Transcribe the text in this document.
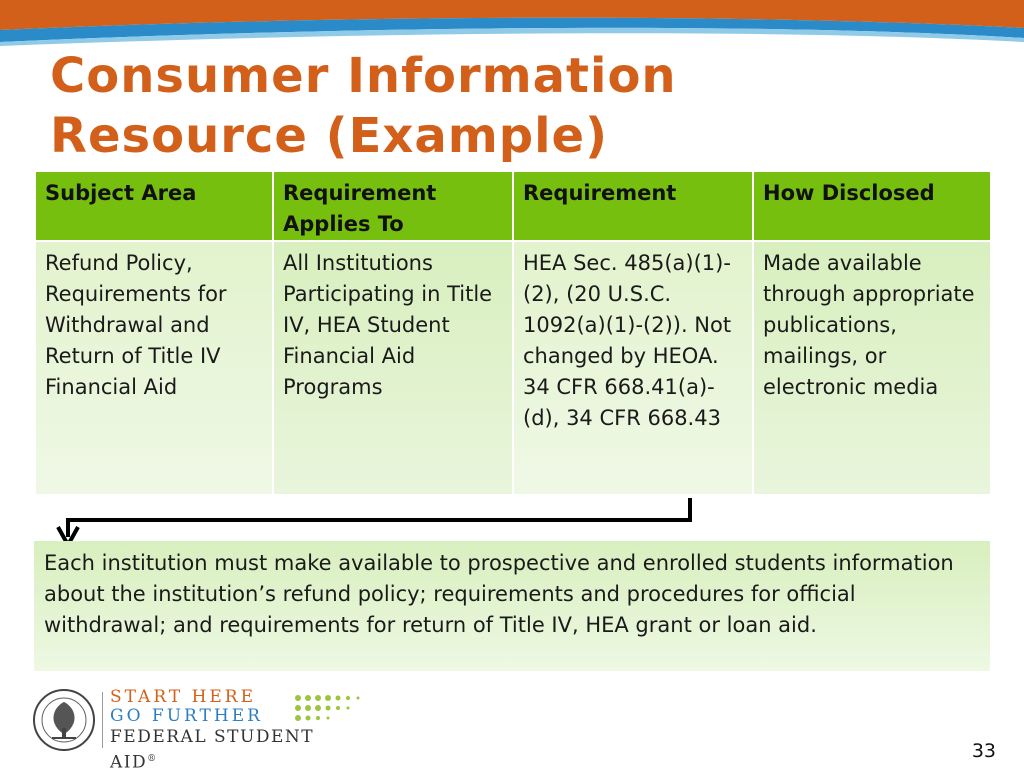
Consumer Information
Resource (Example)
Subject Area	Requirement Applies To	Requirement	How Disclosed
Refund Policy, Requirements for Withdrawal and Return of Title IV Financial Aid	All Institutions Participating in Title IV, HEA Student Financial Aid Programs	HEA Sec. 485(a)(1)-(2), (20 U.S.C. 1092(a)(1)-(2)). Not changed by HEOA. 34 CFR 668.41(a)-(d), 34 CFR 668.43	Made available through appropriate publications, mailings, or electronic media
Each institution must make available to prospective and enrolled students information about the institution’s refund policy; requirements and procedures for official withdrawal; and requirements for return of Title IV, HEA grant or loan aid.
START HERE
GO FURTHER
FEDERAL STUDENT AID®	33
